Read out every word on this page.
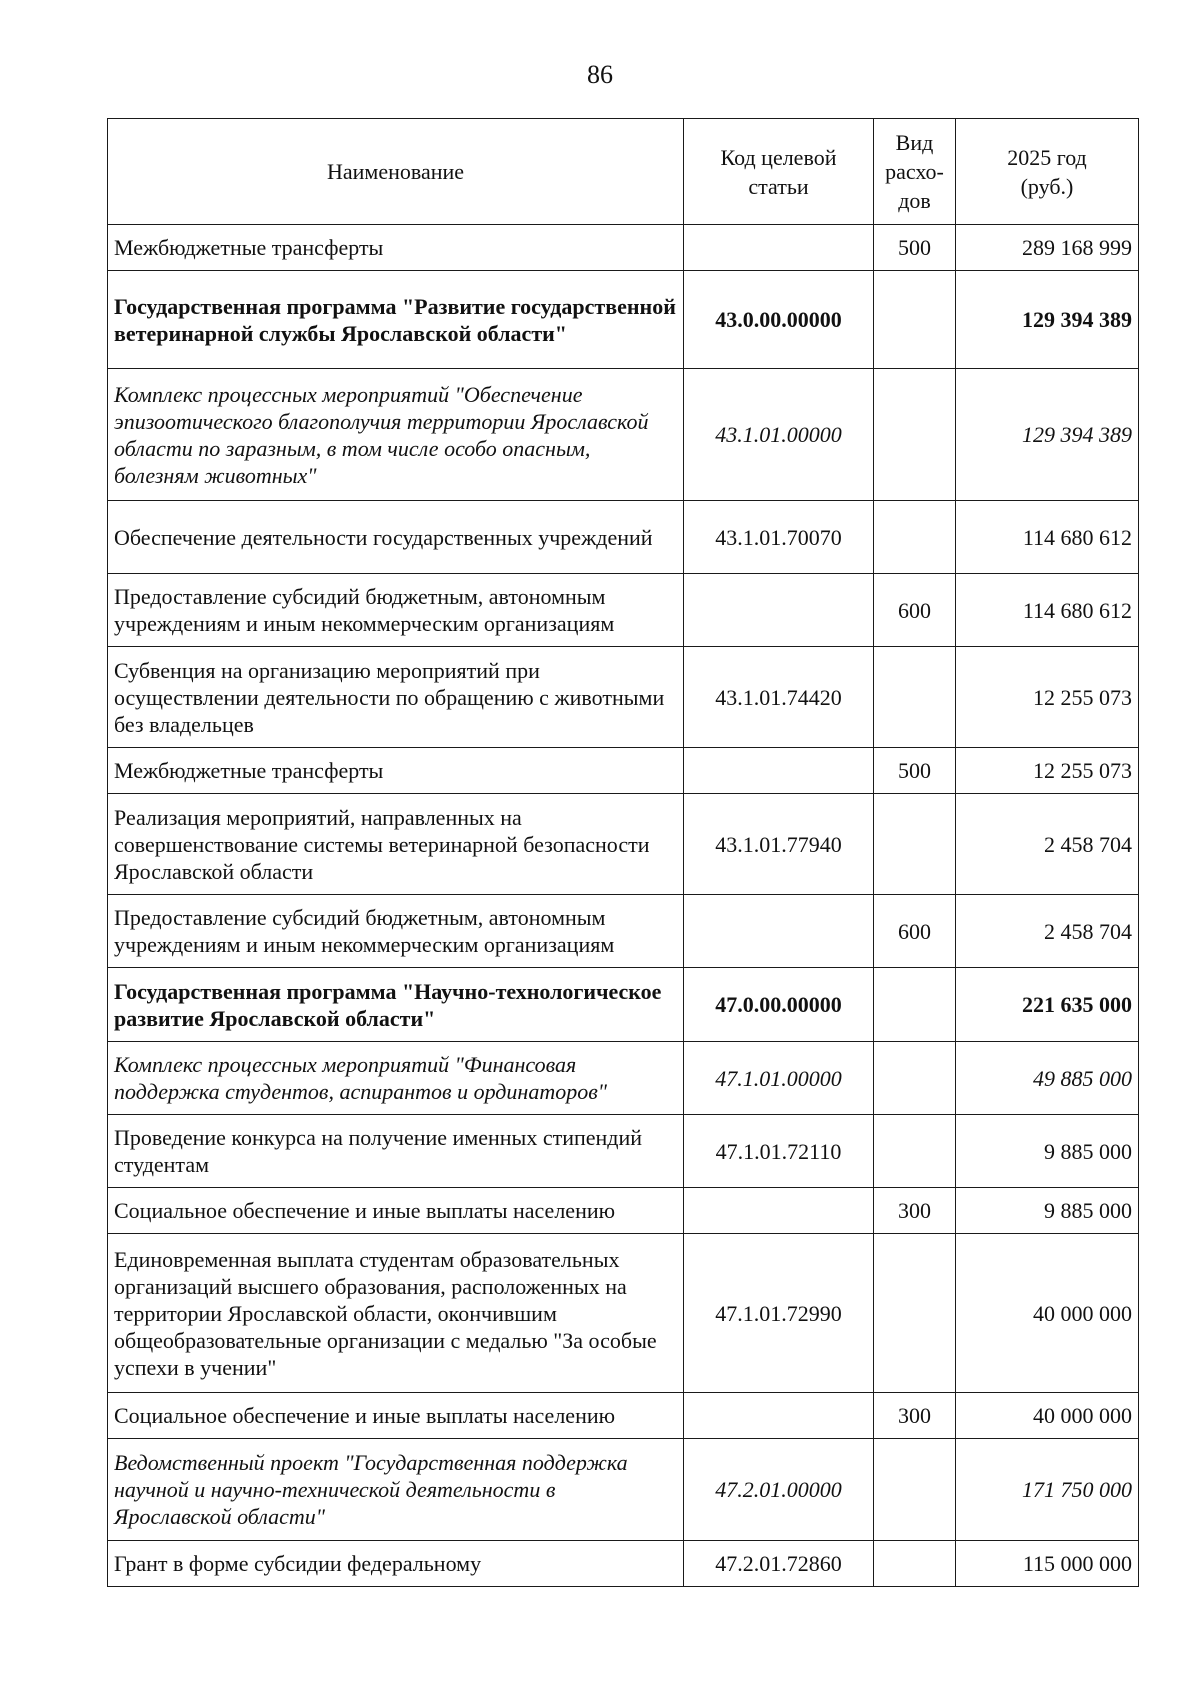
86
Наименование	Код целевой статьи	Вид расхо-дов	2025 год (руб.)
Межбюджетные трансферты		500	289 168 999
Государственная программа "Развитие государственной ветеринарной службы Ярославской области"	43.0.00.00000		129 394 389
Комплекс процессных мероприятий "Обеспечение эпизоотического благополучия территории Ярославской области по заразным, в том числе особо опасным, болезням животных"	43.1.01.00000		129 394 389
Обеспечение деятельности государственных учреждений	43.1.01.70070		114 680 612
Предоставление субсидий бюджетным, автономным учреждениям и иным некоммерческим организациям		600	114 680 612
Субвенция на организацию мероприятий при осуществлении деятельности по обращению с животными без владельцев	43.1.01.74420		12 255 073
Межбюджетные трансферты		500	12 255 073
Реализация мероприятий, направленных на совершенствование системы ветеринарной безопасности Ярославской области	43.1.01.77940		2 458 704
Предоставление субсидий бюджетным, автономным учреждениям и иным некоммерческим организациям		600	2 458 704
Государственная программа "Научно-технологическое развитие Ярославской области"	47.0.00.00000		221 635 000
Комплекс процессных мероприятий "Финансовая поддержка студентов, аспирантов и ординаторов"	47.1.01.00000		49 885 000
Проведение конкурса на получение именных стипендий студентам	47.1.01.72110		9 885 000
Социальное обеспечение и иные выплаты населению		300	9 885 000
Единовременная выплата студентам образовательных организаций высшего образования, расположенных на территории Ярославской области, окончившим общеобразовательные организации с медалью "За особые успехи в учении"	47.1.01.72990		40 000 000
Социальное обеспечение и иные выплаты населению		300	40 000 000
Ведомственный проект "Государственная поддержка научной и научно-технической деятельности в Ярославской области"	47.2.01.00000		171 750 000
Грант в форме субсидии федеральному	47.2.01.72860		115 000 000
